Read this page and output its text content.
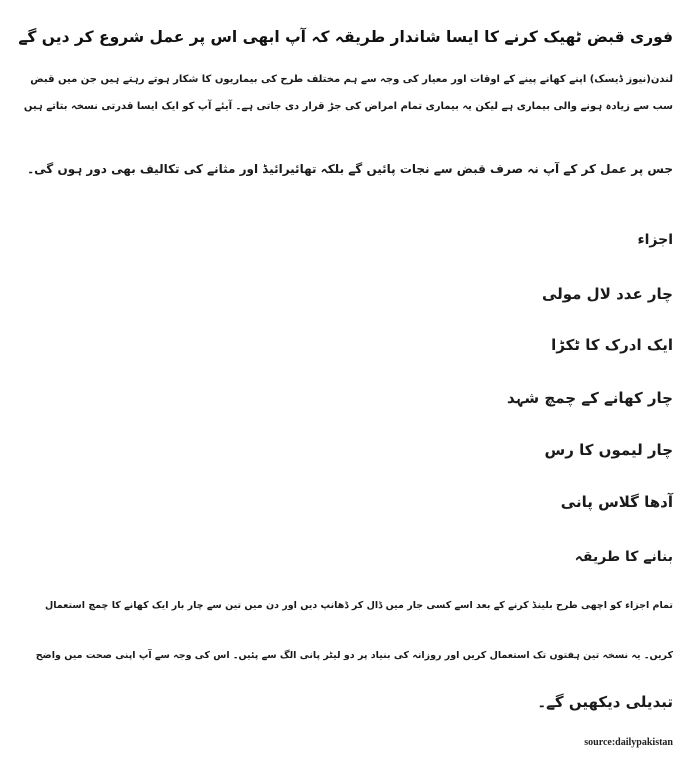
فوری قبض ٹھیک کرنے کا ایسا شاندار طریقہ کہ آپ ابھی اس پر عمل شروع کر دیں گے
لندن(نیوز ڈیسک) اپنے کھانے پینے کے اوقات اور معیار کی وجہ سے ہم مختلف طرح کی بیماریوں کا شکار ہوتے رہتے ہیں جن میں قبض
سب سے زیادہ ہونے والی بیماری ہے لیکن یہ بیماری تمام امراض کی جڑ قرار دی جاتی ہے۔ آیئے آپ کو ایک ایسا قدرتی نسخہ بتاتے ہیں
جس پر عمل کر کے آپ نہ صرف قبض سے نجات پائیں گے بلکہ تھائیرائیڈ اور مثانے کی تکالیف بھی دور ہوں گی۔
اجزاء
چار عدد لال مولی
ایک ادرک کا ٹکڑا
چار کھانے کے چمچ شہد
چار لیموں کا رس
آدھا گلاس پانی
بنانے کا طریقہ
تمام اجزاء کو اچھی طرح بلینڈ کرنے کے بعد اسے کسی جار میں ڈال کر ڈھانپ دیں اور دن میں تین سے چار بار ایک کھانے کا چمچ استعمال
کریں۔ یہ نسخہ تین ہفتوں تک استعمال کریں اور روزانہ کی بنیاد پر دو لیٹر پانی الگ سے پئیں۔ اس کی وجہ سے آپ اپنی صحت میں واضح
تبدیلی دیکھیں گے۔
source:dailypakistan
